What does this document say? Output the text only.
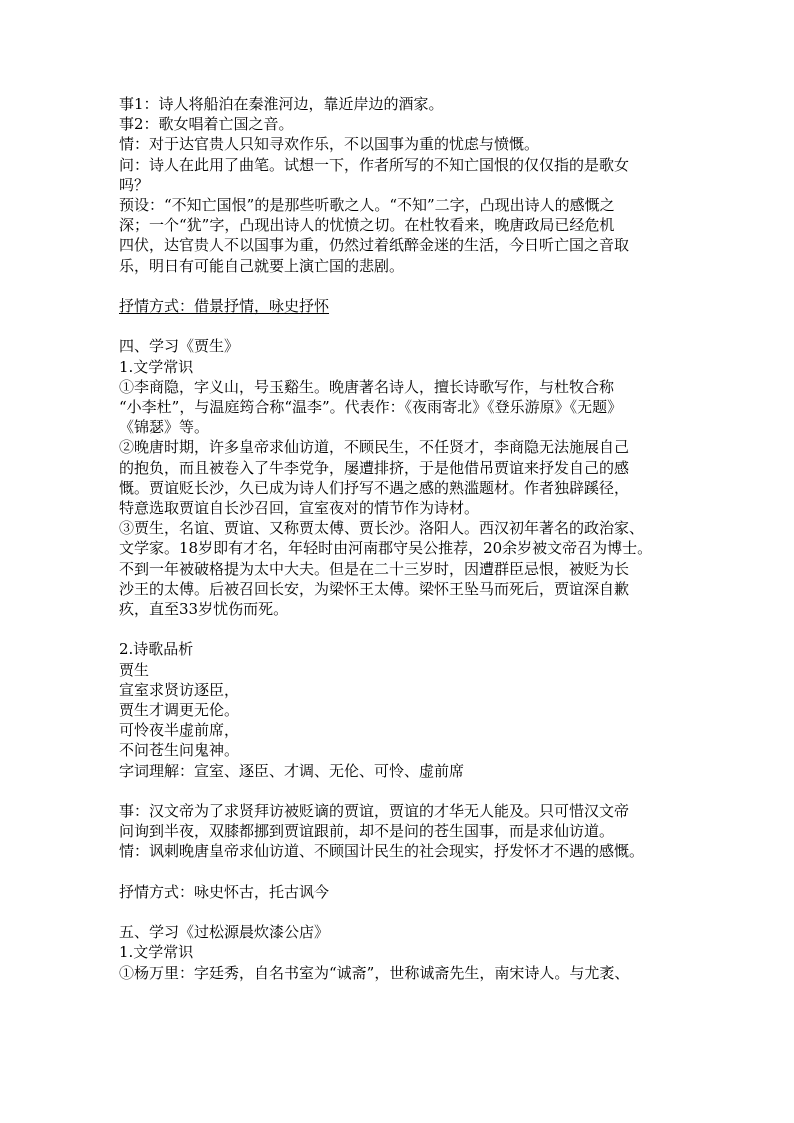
事1：诗人将船泊在秦淮河边，靠近岸边的酒家。

事2：歌女唱着亡国之音。

情：对于达官贵人只知寻欢作乐，不以国事为重的忧虑与愤慨。

问：诗人在此用了曲笔。试想一下，作者所写的不知亡国恨的仅仅指的是歌女

吗？

预设：“不知亡国恨”的是那些听歌之人。“不知”二字，凸现出诗人的感慨之

深；一个“犹”字，凸现出诗人的忧愤之切。在杜牧看来，晚唐政局已经危机

四伏，达官贵人不以国事为重，仍然过着纸醉金迷的生活，今日听亡国之音取

乐，明日有可能自己就要上演亡国的悲剧。

抒情方式：借景抒情，咏史抒怀

四、学习《贾生》

1.文学常识

①李商隐，字义山，号玉谿生。晚唐著名诗人，擅长诗歌写作，与杜牧合称

“小李杜”，与温庭筠合称“温李”。代表作：《夜雨寄北》《登乐游原》《无题》

《锦瑟》等。

②晚唐时期，许多皇帝求仙访道，不顾民生，不任贤才，李商隐无法施展自己

的抱负，而且被卷入了牛李党争，屡遭排挤，于是他借吊贾谊来抒发自己的感

慨。贾谊贬长沙，久已成为诗人们抒写不遇之感的熟滥题材。作者独辟蹊径，

特意选取贾谊自长沙召回，宣室夜对的情节作为诗材。

③贾生，名谊、贾谊、又称贾太傅、贾长沙。洛阳人。西汉初年著名的政治家、

文学家。18岁即有才名，年轻时由河南郡守吴公推荐，20余岁被文帝召为博士。

不到一年被破格提为太中大夫。但是在二十三岁时，因遭群臣忌恨，被贬为长

沙王的太傅。后被召回长安，为梁怀王太傅。梁怀王坠马而死后，贾谊深自歉

疚，直至33岁忧伤而死。

2.诗歌品析

贾生

宣室求贤访逐臣，

贾生才调更无伦。

可怜夜半虚前席，

不问苍生问鬼神。

字词理解：宣室、逐臣、才调、无伦、可怜、虚前席

事：汉文帝为了求贤拜访被贬谪的贾谊，贾谊的才华无人能及。只可惜汉文帝

问询到半夜，双膝都挪到贾谊跟前，却不是问的苍生国事，而是求仙访道。

情：讽刺晚唐皇帝求仙访道、不顾国计民生的社会现实，抒发怀才不遇的感慨。

抒情方式：咏史怀古，托古讽今

五、学习《过松源晨炊漆公店》

1.文学常识

①杨万里：字廷秀，自名书室为“诚斋”，世称诚斋先生，南宋诗人。与尤袤、
